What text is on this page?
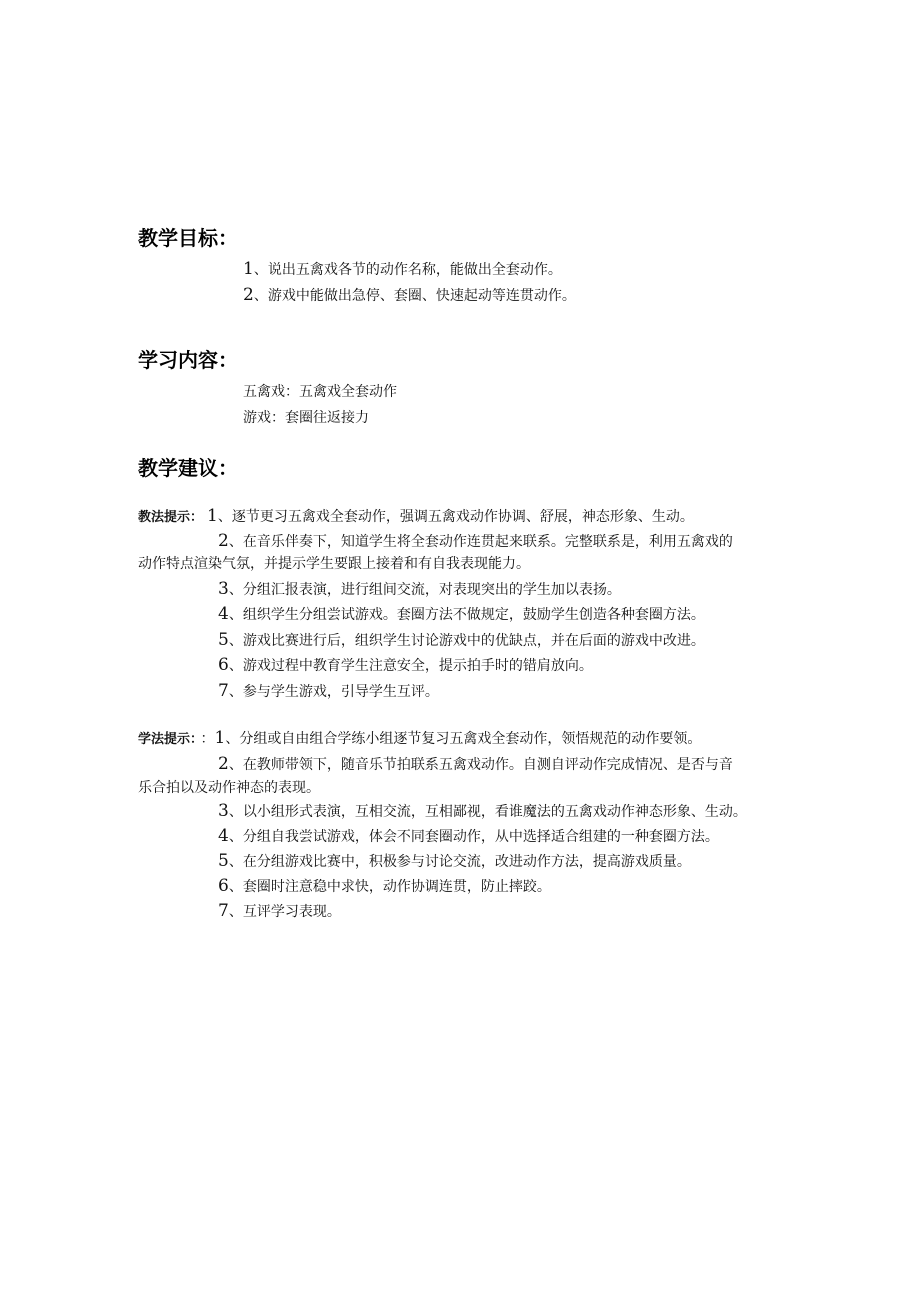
教学目标：

1、说出五禽戏各节的动作名称，能做出全套动作。

2、游戏中能做出急停、套圈、快速起动等连贯动作。

学习内容：

五禽戏：五禽戏全套动作

游戏：套圈往返接力

教学建议：

教法提示： 1、逐节更习五禽戏全套动作，强调五禽戏动作协调、舒展，神态形象、生动。

2、在音乐伴奏下，知道学生将全套动作连贯起来联系。完整联系是，利用五禽戏的

动作特点渲染气氛，并提示学生要跟上接着和有自我表现能力。

3、分组汇报表演，进行组间交流，对表现突出的学生加以表扬。

4、组织学生分组尝试游戏。套圈方法不做规定，鼓励学生创造各种套圈方法。

5、游戏比赛进行后，组织学生讨论游戏中的优缺点，并在后面的游戏中改进。

6、游戏过程中教育学生注意安全，提示拍手时的错肩放向。

7、参与学生游戏，引导学生互评。

学法提示： ：1、分组或自由组合学练小组逐节复习五禽戏全套动作，领悟规范的动作要领。

2、在教师带领下，随音乐节拍联系五禽戏动作。自测自评动作完成情况、是否与音

乐合拍以及动作神态的表现。

3、以小组形式表演，互相交流，互相鄙视，看谁魔法的五禽戏动作神态形象、生动。

4、分组自我尝试游戏，体会不同套圈动作，从中选择适合组建的一种套圈方法。

5、在分组游戏比赛中，积极参与讨论交流，改进动作方法，提高游戏质量。

6、套圈时注意稳中求快，动作协调连贯，防止摔跤。

7、互评学习表现。
